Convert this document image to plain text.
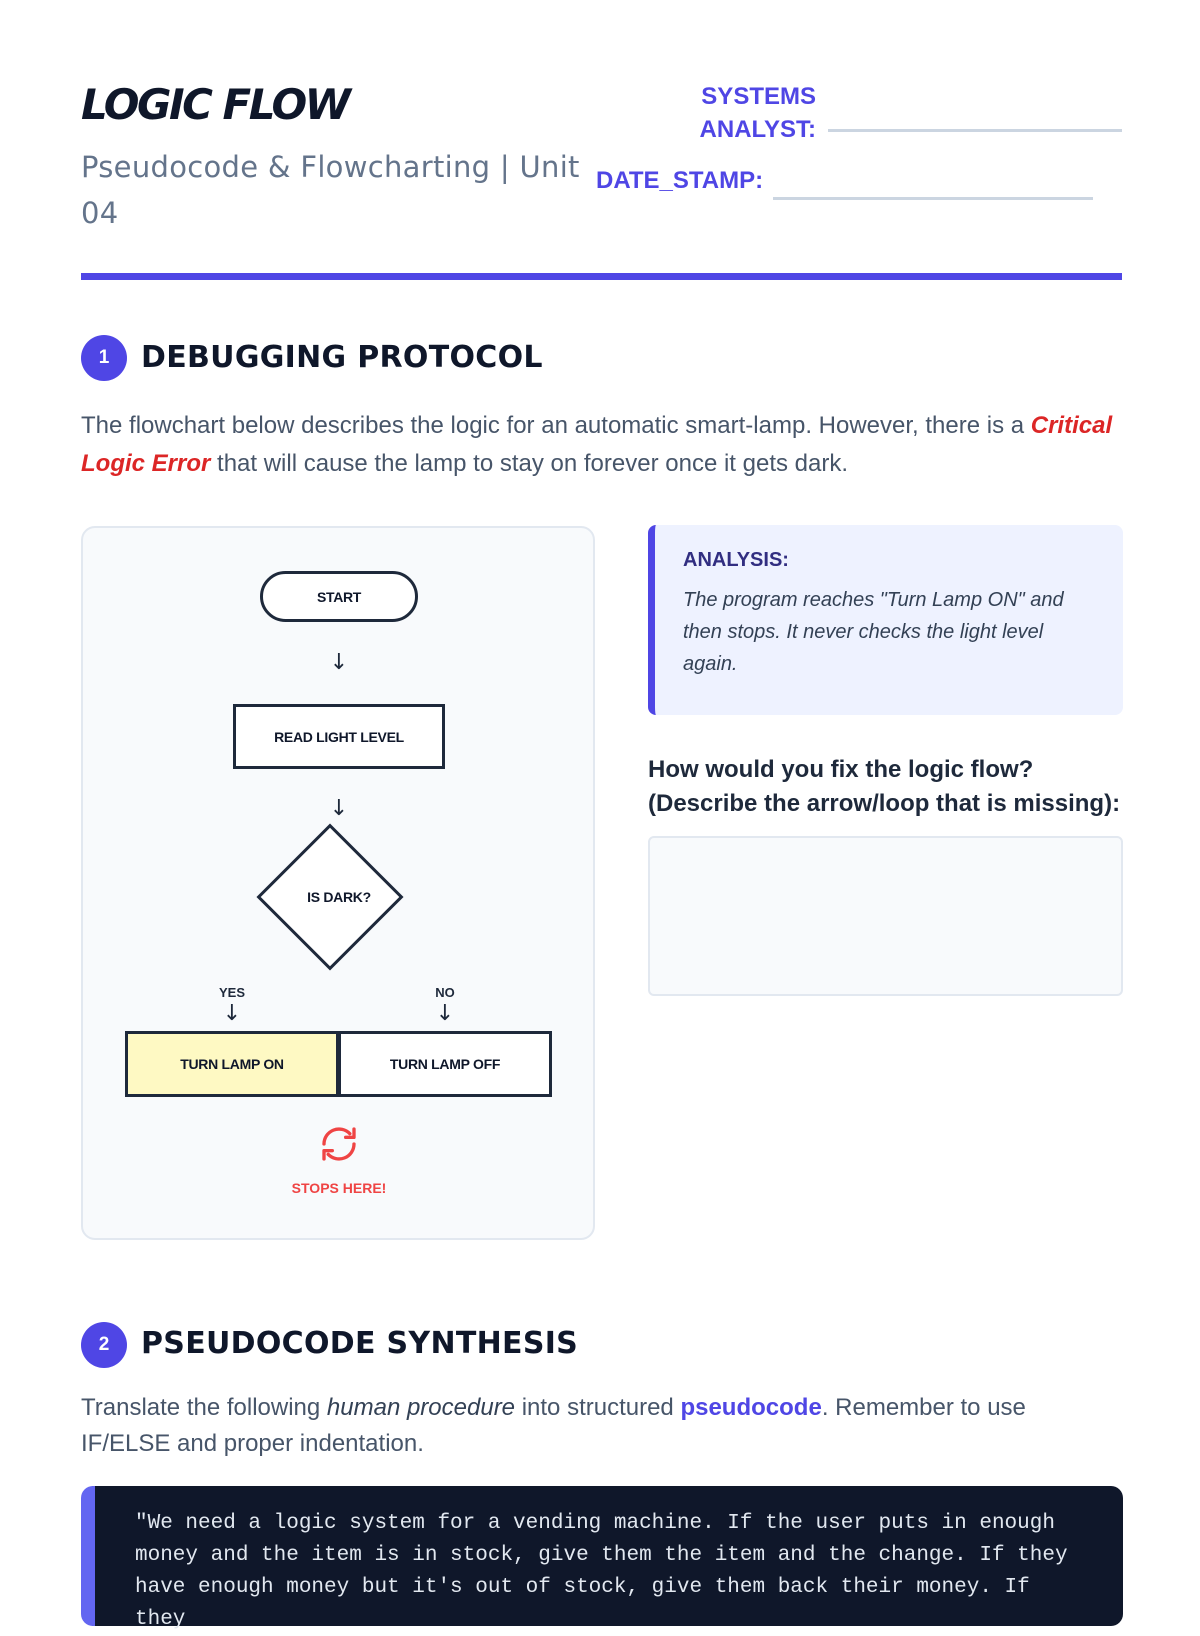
LOGIC FLOW
Pseudocode & Flowcharting | Unit 04
SYSTEMS ANALYST:
DATE_STAMP:
1	DEBUGGING PROTOCOL
The flowchart below describes the logic for an automatic smart-lamp. However, there is a Critical Logic Error that will cause the lamp to stay on forever once it gets dark.
START
↓
READ LIGHT LEVEL
↓
IS DARK?
YES	NO
↓	↓
TURN LAMP ON	TURN LAMP OFF
STOPS HERE!
ANALYSIS:
The program reaches "Turn Lamp ON" and then stops. It never checks the light level again.
How would you fix the logic flow? (Describe the arrow/loop that is missing):
2	PSEUDOCODE SYNTHESIS
Translate the following human procedure into structured pseudocode. Remember to use IF/ELSE and proper indentation.
"We need a logic system for a vending machine. If the user puts in enough money and the item is in stock, give them the item and the change. If they have enough money but it's out of stock, give them back their money. If they
